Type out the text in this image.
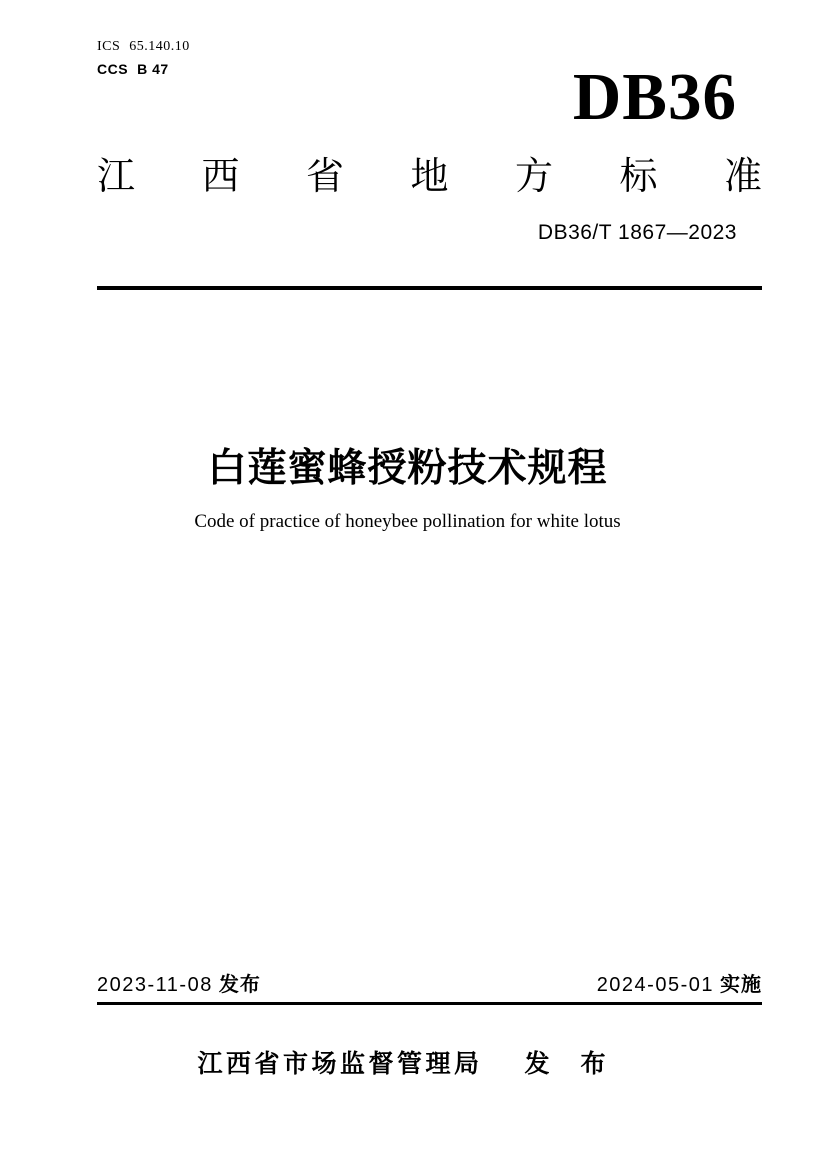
ICS 65.140.10
CCS B 47	DB36
江 西 省 地 方 标 准
DB36/T 1867—2023
白莲蜜蜂授粉技术规程
Code of practice of honeybee pollination for white lotus
2023-11-08 发布	2024-05-01 实施
江西省市场监督管理局 发 布
